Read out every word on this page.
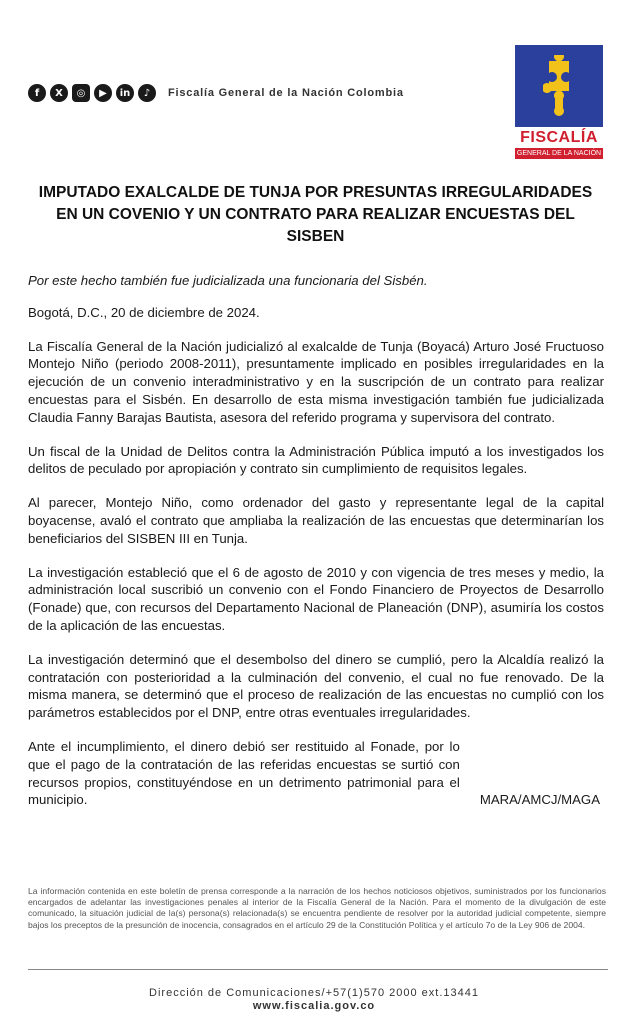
f	X	◎	▶	in	♪	Fiscalía General de la Nación Colombia
FISCALÍA
GENERAL DE LA NACIÓN
IMPUTADO EXALCALDE DE TUNJA POR PRESUNTAS IRREGULARIDADES EN UN COVENIO Y UN CONTRATO PARA REALIZAR ENCUESTAS DEL SISBEN

Por este hecho también fue judicializada una funcionaria del Sisbén.

Bogotá, D.C., 20 de diciembre de 2024.

La Fiscalía General de la Nación judicializó al exalcalde de Tunja (Boyacá) Arturo José Fructuoso Montejo Niño (periodo 2008-2011), presuntamente implicado en posibles irregularidades en la ejecución de un convenio interadministrativo y en la suscripción de un contrato para realizar encuestas para el Sisbén. En desarrollo de esta misma investigación también fue judicializada Claudia Fanny Barajas Bautista, asesora del referido programa y supervisora del contrato.

Un fiscal de la Unidad de Delitos contra la Administración Pública imputó a los investigados los delitos de peculado por apropiación y contrato sin cumplimiento de requisitos legales.

Al parecer, Montejo Niño, como ordenador del gasto y representante legal de la capital boyacense, avaló el contrato que ampliaba la realización de las encuestas que determinarían los beneficiarios del SISBEN III en Tunja.

La investigación estableció que el 6 de agosto de 2010 y con vigencia de tres meses y medio, la administración local suscribió un convenio con el Fondo Financiero de Proyectos de Desarrollo (Fonade) que, con recursos del Departamento Nacional de Planeación (DNP), asumiría los costos de la aplicación de las encuestas.

La investigación determinó que el desembolso del dinero se cumplió, pero la Alcaldía realizó la contratación con posterioridad a la culminación del convenio, el cual no fue renovado. De la misma manera, se determinó que el proceso de realización de las encuestas no cumplió con los parámetros establecidos por el DNP, entre otras eventuales irregularidades.

Ante el incumplimiento, el dinero debió ser restituido al Fonade, por lo que el pago de la contratación de las referidas encuestas se surtió con recursos propios, constituyéndose en un detrimento patrimonial para el municipio.	MARA/AMCJ/MAGA
La información contenida en este boletín de prensa corresponde a la narración de los hechos noticiosos objetivos, suministrados por los funcionarios encargados de adelantar las investigaciones penales al interior de la Fiscalía General de la Nación. Para el momento de la divulgación de este comunicado, la situación judicial de la(s) persona(s) relacionada(s) se encuentra pendiente de resolver por la autoridad judicial competente, siempre bajos los preceptos de la presunción de inocencia, consagrados en el artículo 29 de la Constitución Política y el artículo 7o de la Ley 906 de 2004.
Dirección de Comunicaciones/+57(1)570 2000 ext.13441
www.fiscalia.gov.co
